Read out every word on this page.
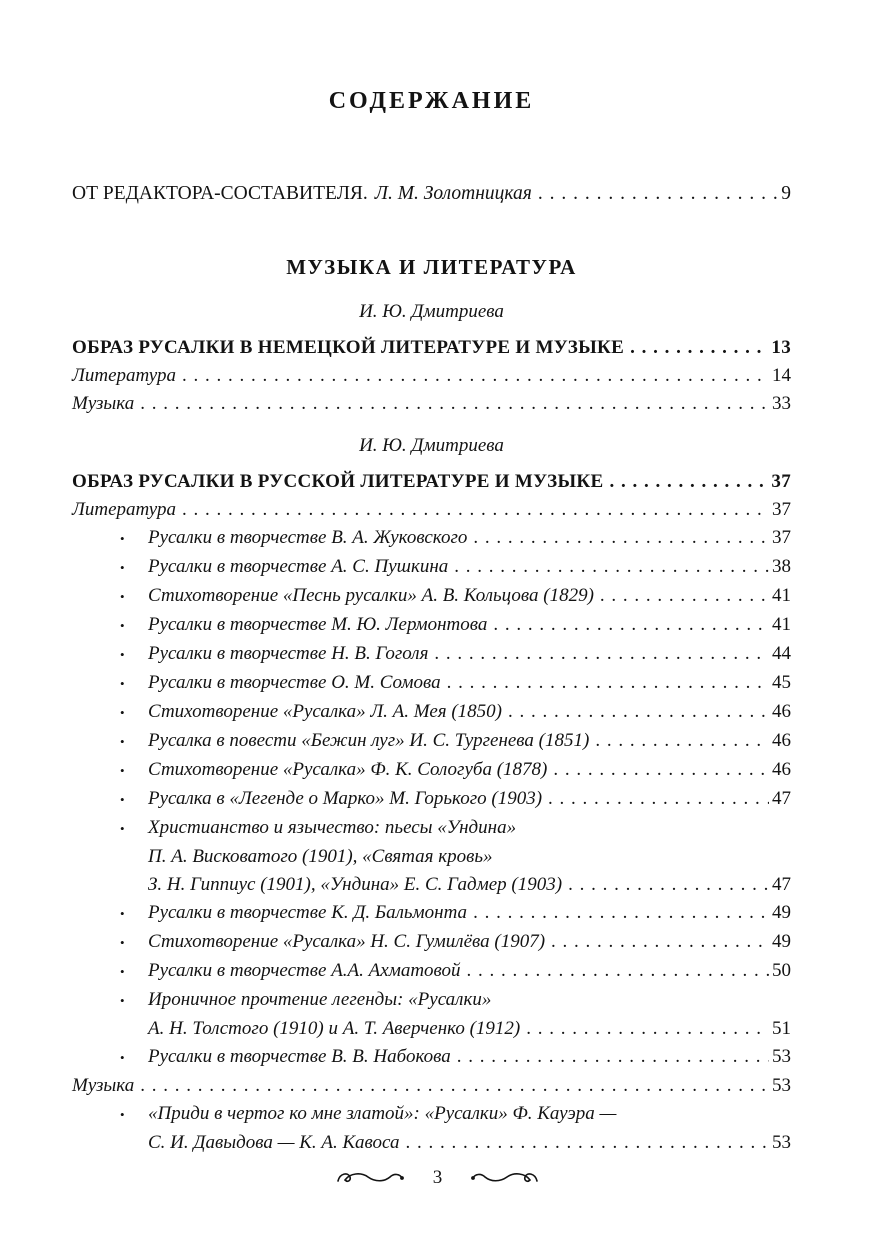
СОДЕРЖАНИЕ
ОТ РЕДАКТОРА-СОСТАВИТЕЛЯ. Л. М. Золотницкая . . .	9
МУЗЫКА И ЛИТЕРАТУРА
И. Ю. Дмитриева
ОБРАЗ РУСАЛКИ В НЕМЕЦКОЙ ЛИТЕРАТУРЕ И МУЗЫКЕ . . .	13
Литература . . .	14
Музыка . . .	33
И. Ю. Дмитриева
ОБРАЗ РУСАЛКИ В РУССКОЙ ЛИТЕРАТУРЕ И МУЗЫКЕ . . .	37
Литература . . .	37
•
Русалки в творчестве В. А. Жуковского . . .	37
•
Русалки в творчестве А. С. Пушкина . . .	38
•
Стихотворение «Песнь русалки» А. В. Кольцова (1829) . . .	41
•
Русалки в творчестве М. Ю. Лермонтова . . .	41
•
Русалки в творчестве Н. В. Гоголя . . .	44
•
Русалки в творчестве О. М. Сомова . . .	45
•
Стихотворение «Русалка» Л. А. Мея (1850) . . .	46
•
Русалка в повести «Бежин луг» И. С. Тургенева (1851) . . .	46
•
Стихотворение «Русалка» Ф. К. Сологуба (1878) . . .	46
•
Русалка в «Легенде о Марко» М. Горького (1903) . . .	47
•
Христианство и язычество: пьесы «Ундина»
П. А. Висковатого (1901), «Святая кровь»
З. Н. Гиппиус (1901), «Ундина» Е. С. Гадмер (1903) . . .	47
•
Русалки в творчестве К. Д. Бальмонта . . .	49
•
Стихотворение «Русалка» Н. С. Гумилёва (1907) . . .	49
•
Русалки в творчестве А.А. Ахматовой . . .	50
•
Ироничное прочтение легенды: «Русалки»
А. Н. Толстого (1910) и А. Т. Аверченко (1912) . . .	51
•
Русалки в творчестве В. В. Набокова . . .	53
Музыка . . .	53
•
«Приди в чертог ко мне златой»: «Русалки» Ф. Кауэра —
С. И. Давыдова — К. А. Кавоса . . .	53
3
